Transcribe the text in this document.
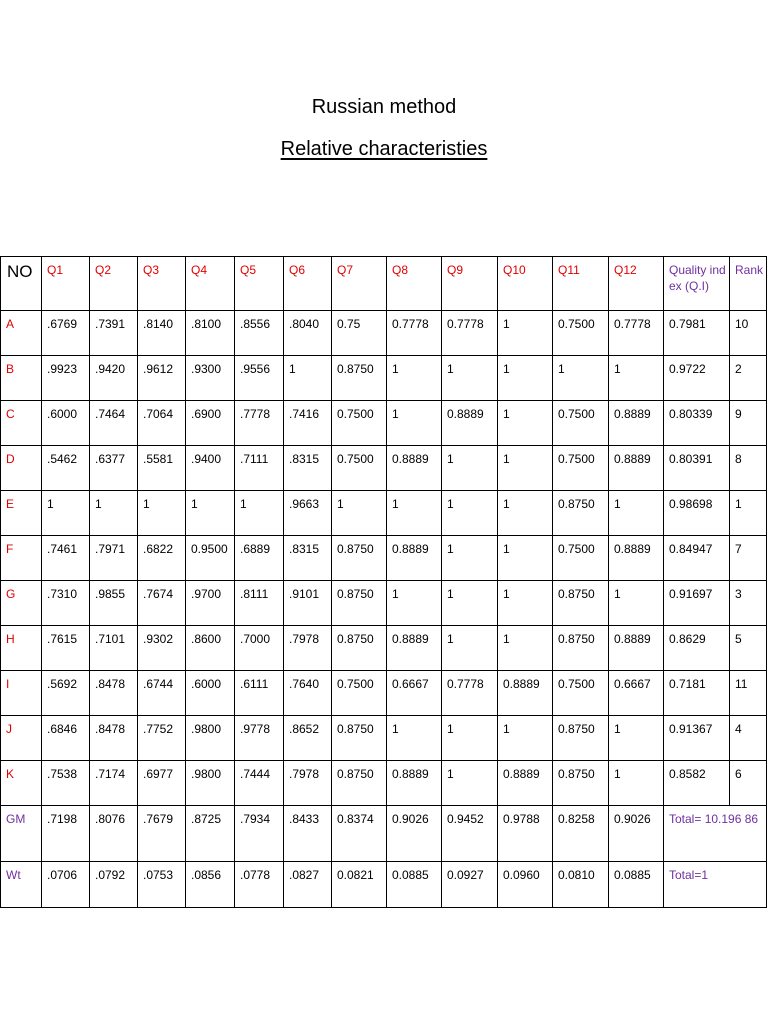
Russian method
Relative characteristies
NO	Q1	Q2	Q3	Q4	Q5	Q6	Q7	Q8	Q9	Q10	Q11	Q12	Quality index (Q.I)	Rank
A	.6769	.7391	.8140	.8100	.8556	.8040	0.75	0.7778	0.7778	1	0.7500	0.7778	0.7981	10
B	.9923	.9420	.9612	.9300	.9556	1	0.8750	1	1	1	1	1	0.9722	2
C	.6000	.7464	.7064	.6900	.7778	.7416	0.7500	1	0.8889	1	0.7500	0.8889	0.80339	9
D	.5462	.6377	.5581	.9400	.7111	.8315	0.7500	0.8889	1	1	0.7500	0.8889	0.80391	8
E	1	1	1	1	1	.9663	1	1	1	1	0.8750	1	0.98698	1
F	.7461	.7971	.6822	0.9500	.6889	.8315	0.8750	0.8889	1	1	0.7500	0.8889	0.84947	7
G	.7310	.9855	.7674	.9700	.8111	.9101	0.8750	1	1	1	0.8750	1	0.91697	3
H	.7615	.7101	.9302	.8600	.7000	.7978	0.8750	0.8889	1	1	0.8750	0.8889	0.8629	5
I	.5692	.8478	.6744	.6000	.6111	.7640	0.7500	0.6667	0.7778	0.8889	0.7500	0.6667	0.7181	11
J	.6846	.8478	.7752	.9800	.9778	.8652	0.8750	1	1	1	0.8750	1	0.91367	4
K	.7538	.7174	.6977	.9800	.7444	.7978	0.8750	0.8889	1	0.8889	0.8750	1	0.8582	6
GM	.7198	.8076	.7679	.8725	.7934	.8433	0.8374	0.9026	0.9452	0.9788	0.8258	0.9026	Total= 10.196 86	
Wt	.0706	.0792	.0753	.0856	.0778	.0827	0.0821	0.0885	0.0927	0.0960	0.0810	0.0885	Total=1	
